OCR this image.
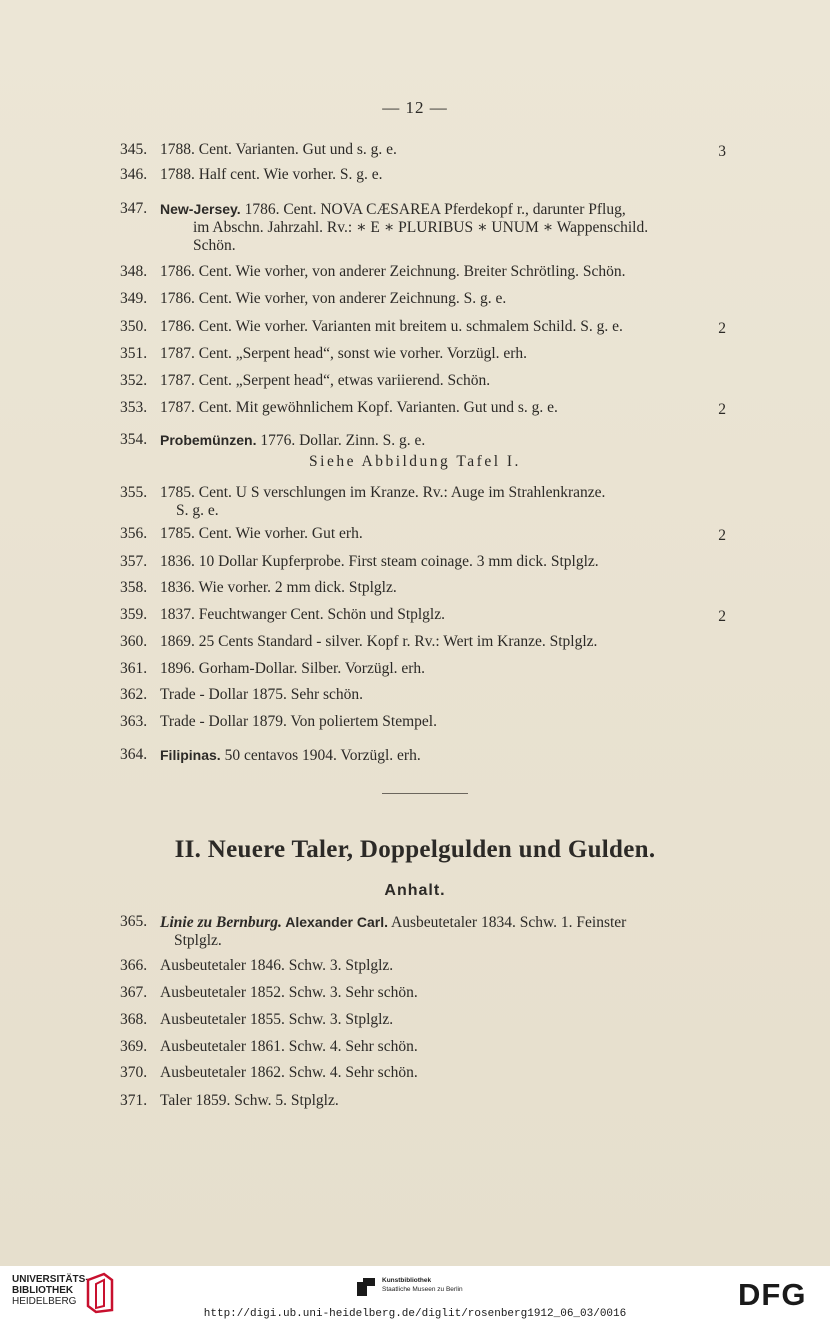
— 12 —
345. 1788. Cent. Varianten. Gut und s. g. e.	3
346. 1788. Half cent. Wie vorher. S. g. e.
347. New-Jersey. 1786. Cent. NOVA CÆSAREA Pferdekopf r., darunter Pflug,
im Abschn. Jahrzahl. Rv.: ∗ E ∗ PLURIBUS ∗ UNUM ∗ Wappenschild.
Schön.
348. 1786. Cent. Wie vorher, von anderer Zeichnung. Breiter Schrötling. Schön.
349. 1786. Cent. Wie vorher, von anderer Zeichnung. S. g. e.
350. 1786. Cent. Wie vorher. Varianten mit breitem u. schmalem Schild. S. g. e.	2
351. 1787. Cent. „Serpent head“, sonst wie vorher. Vorzügl. erh.
352. 1787. Cent. „Serpent head“, etwas variierend. Schön.
353. 1787. Cent. Mit gewöhnlichem Kopf. Varianten. Gut und s. g. e.	2
354. Probemünzen. 1776. Dollar. Zinn. S. g. e.
Siehe Abbildung Tafel I.
355. 1785. Cent. U S verschlungen im Kranze. Rv.: Auge im Strahlenkranze.
S. g. e.
356. 1785. Cent. Wie vorher. Gut erh.	2
357. 1836. 10 Dollar Kupferprobe. First steam coinage. 3 mm dick. Stplglz.
358. 1836. Wie vorher. 2 mm dick. Stplglz.
359. 1837. Feuchtwanger Cent. Schön und Stplglz.	2
360. 1869. 25 Cents Standard - silver. Kopf r. Rv.: Wert im Kranze. Stplglz.
361. 1896. Gorham-Dollar. Silber. Vorzügl. erh.
362. Trade - Dollar 1875. Sehr schön.
363. Trade - Dollar 1879. Von poliertem Stempel.
364. Filipinas. 50 centavos 1904. Vorzügl. erh.
II. Neuere Taler, Doppelgulden und Gulden.
Anhalt.
365. Linie zu Bernburg. Alexander Carl. Ausbeutetaler 1834. Schw. 1. Feinster
Stplglz.
366. Ausbeutetaler 1846. Schw. 3. Stplglz.
367. Ausbeutetaler 1852. Schw. 3. Sehr schön.
368. Ausbeutetaler 1855. Schw. 3. Stplglz.
369. Ausbeutetaler 1861. Schw. 4. Sehr schön.
370. Ausbeutetaler 1862. Schw. 4. Sehr schön.
371. Taler 1859. Schw. 5. Stplglz.
UNIVERSITÄTS-
BIBLIOTHEK
HEIDELBERG
Kunstbibliothek
Staatliche Museen zu Berlin	DFG
http://digi.ub.uni-heidelberg.de/diglit/rosenberg1912_06_03/0016
